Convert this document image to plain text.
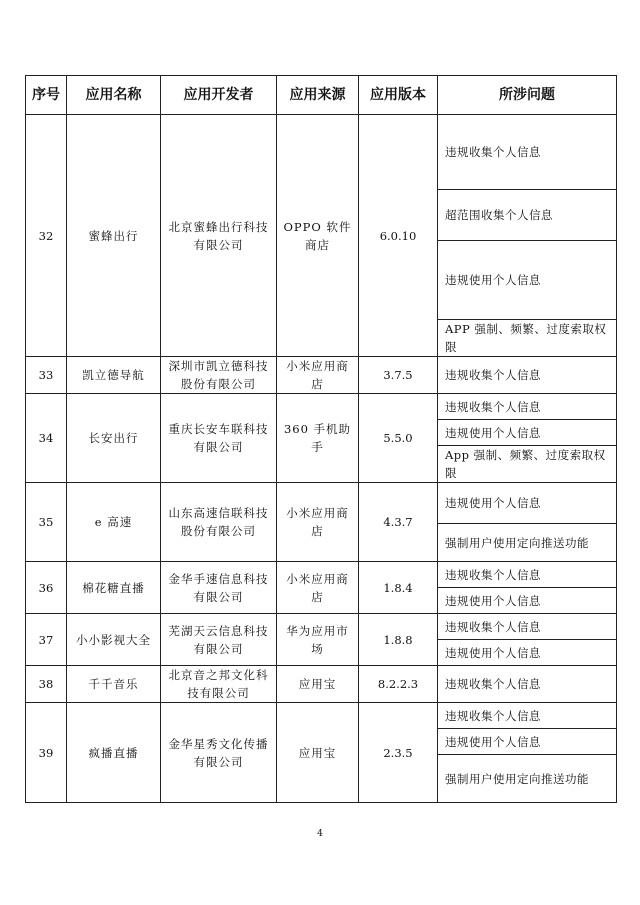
序号	应用名称	应用开发者	应用来源	应用版本	所涉问题
32	蜜蜂出行	北京蜜蜂出行科技有限公司	OPPO 软件商店	6.0.10	违规收集个人信息
					超范围收集个人信息
					违规使用个人信息
					APP 强制、频繁、过度索取权限
33	凯立德导航	深圳市凯立德科技股份有限公司	小米应用商店	3.7.5	违规收集个人信息
34	长安出行	重庆长安车联科技有限公司	360 手机助手	5.5.0	违规收集个人信息
					违规使用个人信息
					App 强制、频繁、过度索取权限
35	e 高速	山东高速信联科技股份有限公司	小米应用商店	4.3.7	违规使用个人信息
					强制用户使用定向推送功能
36	棉花糖直播	金华手速信息科技有限公司	小米应用商店	1.8.4	违规收集个人信息
					违规使用个人信息
37	小小影视大全	芜湖天云信息科技有限公司	华为应用市场	1.8.8	违规收集个人信息
					违规使用个人信息
38	千千音乐	北京音之邦文化科技有限公司	应用宝	8.2.2.3	违规收集个人信息
39	疯播直播	金华星秀文化传播有限公司	应用宝	2.3.5	违规收集个人信息
					违规使用个人信息
					强制用户使用定向推送功能
4
